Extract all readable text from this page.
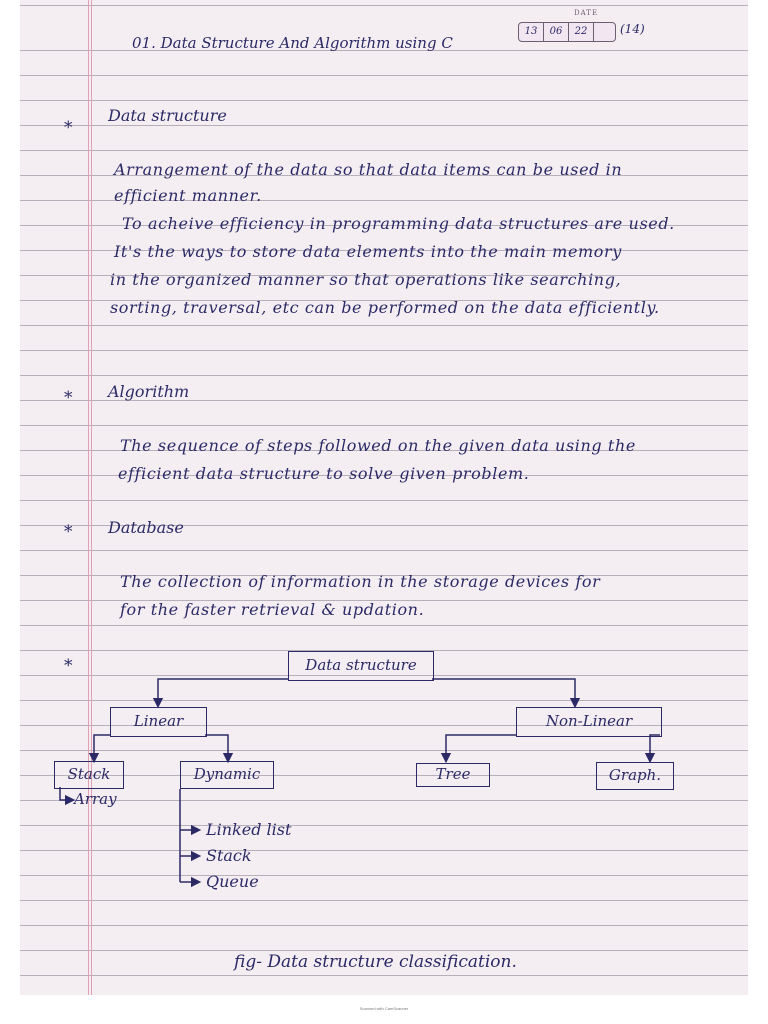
01. Data Structure And Algorithm using C
DATE
13	06	22	(14)
*
Data structure
Arrangement of the data so that data items can be used in
efficient manner.
To acheive efficiency in programming data structures are used.
It's the ways to store data elements into the main memory
in the organized manner so that operations like searching,
sorting, traversal, etc can be performed on the data efficiently.
* Algorithm
The sequence of steps followed on the given data using the
efficient data structure to solve given problem.
* Database
The collection of information in the storage devices for
for the faster retrieval & updation.
*	Data structure
Linear	Non-Linear
Stack	Dynamic	Tree	Graph.
Array
Linked list
Stack
Queue
fig- Data structure classification.
Scanned with CamScanner
